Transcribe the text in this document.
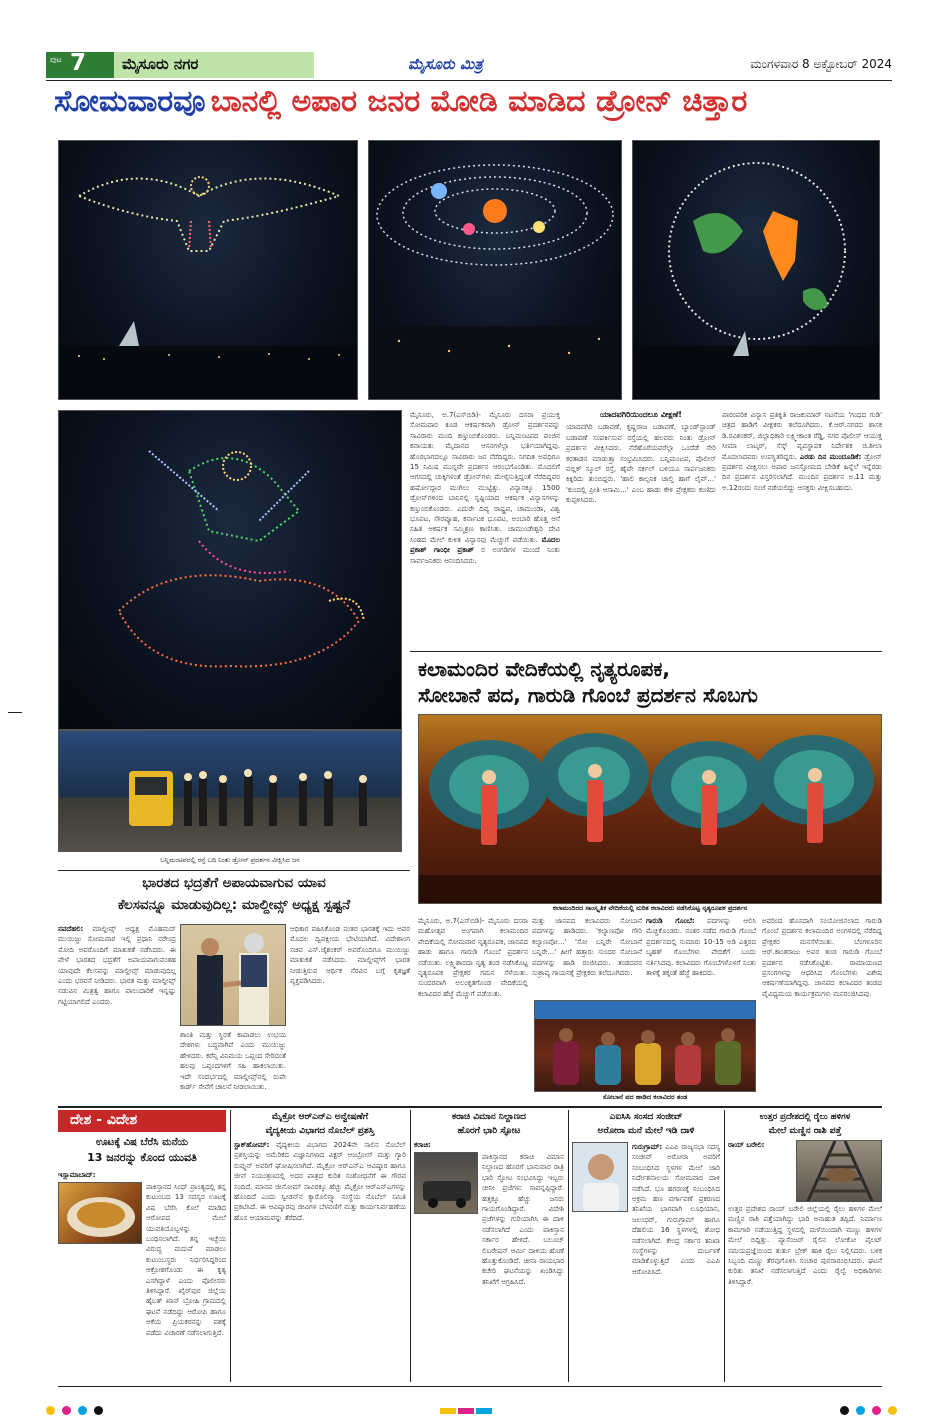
ಪುಟ 7 ಮೈಸೂರು ನಗರ	ಮೈಸೂರು ಮಿತ್ರ	ಮಂಗಳವಾರ 8 ಅಕ್ಟೋಬರ್ 2024
ಸೋಮವಾರವೂ ಬಾನಲ್ಲಿ ಅಪಾರ ಜನರ ಮೋಡಿ ಮಾಡಿದ ಡ್ರೋನ್ ಚಿತ್ತಾರ
ಬನ್ನಿಮಂಟಪದಲ್ಲಿ ರಸ್ತೆ ಬದಿ ನಿಂತು ಡ್ರೋನ್ ಪ್ರದರ್ಶನ ವೀಕ್ಷಿಸಿದ ಜನ
ಮೈಸೂರು, ಅ.7(ಎಸ್‌ಬಿಡಿ)- ಮೈಸೂರು ದಸರಾ ಪ್ರಯುಕ್ತ ಸೋಮವಾರ ಕೂಡ ಆಕರ್ಷಕವಾಗಿ ಡ್ರೋನ್ ಪ್ರದರ್ಶನವನ್ನು ಸಾವಿರಾರು ಮಂದಿ ಕಣ್ತುಂಬಿಕೊಂಡರು. ಬನ್ನಿಮಂಟಪದ ಪಂಜಿನ ಕವಾಯತು ಮೈದಾನದ ಆಸನಗಳೆಲ್ಲಾ ಭರ್ತಿಯಾಗಿದ್ದವು. ಹೊರಭಾಗದಲ್ಲೂ ಸಾವಿರಾರು ಜನ ನೆರೆದಿದ್ದರು. ನಿಗದಿತ ಅವಧಿಗೂ 15 ನಿಮಿಷ ಮುನ್ನವೇ ಪ್ರದರ್ಶನ ಆರಂಭಗೊಂಡಿತು. ಮೊದಲಿಗೆ ಆಗಸದಲ್ಲಿ ಚುಕ್ಕಿಗಳಂತೆ ಡ್ರೋನ್‌ಗಳು ಮೇಳೈಸುತ್ತಿದ್ದಂತೆ ನೆರೆದಿದ್ದವರ ಹರ್ಷೋದ್ಗಾರ ಮುಗಿಲು ಮುಟ್ಟಿತ್ತು. ವಿನ್ಯಾಸಕ್ಕೂ 1500 ಡ್ರೋನ್‌ಗಳಿಂದ ಬಾನಿನಲ್ಲಿ ಸೃಷ್ಟಿಯಾದ ಆಕರ್ಷಕ ವಿನ್ಯಾಸಗಳನ್ನು ಕಣ್ತುಂಬಿಕೊಂಡರು. ಎದುರೇ ದಿವ್ಯ ರಾಷ್ಟ್ರಪ, ಚಾಮುಂಡಾ, ವಿಶ್ವ ಭೂಪಟ, ಸೌರವ್ಯೂಹ, ಕರ್ನಾಟಕ ಭೂಪಟ, ಅಂಬಾರಿ ಹೊತ್ತ ಆನೆ ಸಹಿತ ಆಕರ್ಷಕ ಸಮ್ಮಿಶ್ರಣ ಕಾಣಿಸಿತು. ಚಾಮುಂಡೇಶ್ವರಿ ದೇವಿ ಸಿಂಹದ ಮೇಲೆ ಕುಳಿತ ವಿನ್ಯಾಸವು ಮೆಚ್ಚುಗೆ ಪಡೆಯಿತು. ಮೊದಲ ಪ್ರಕಾಶ್ ಗಾಂಧೀ ಪ್ರಕಾಶ್ ರ ಅಂಗಡಿಗಳ ಮುಂದೆ ನಿಂತು ಸಾರ್ವಜನಿಕರು ಆನಂದಿಸಿದರು.
ಯಾದವಗಿರಿಯಿಂದಲೂ ವೀಕ್ಷಣೆ!
ಯಾದವಗಿರಿ ಬಡಾವಣೆ, ಕೃಷ್ಣರಾಜ ಬಡಾವಣೆ, ಬ್ಯಾಂಡ್‌ಸ್ಟಾಂಡ್ ಬಡಾವಣೆ ಸಂಪರ್ಕಿಸುವ ರಸ್ತೆಯಲ್ಲಿ ಹಲವರು ನಿಂತು ಡ್ರೋನ್ ಪ್ರದರ್ಶನ ವೀಕ್ಷಿಸಿದರು. ನೆರೆಹೊರೆಯವರೆಲ್ಲಾ ಒಂದೆಡೆ ಸೇರಿ ಕರತಾಡನ ಮಾಡುತ್ತಾ ಸಂಭ್ರಮಿಸಿದರು. ಬನ್ನಿಮಂಟಪ, ಪೊಲೀಸ್ ಪಬ್ಲಿಕ್ ಸ್ಕೂಲ್ ರಸ್ತೆ, ಹೈವೇ ಸರ್ಕಲ್ ಬಳಿಯೂ ಸಾರ್ವಜನಿಕರು ಕಿಕ್ಕಿರಿದು ತುಂಬಿದ್ದರು. 'ಹಾಲಿ ಕಾಲ್ಪನಿಕ ಚಾಲ್ತಿ ಹಾಗೆ ಲೈವ್...' 'ಕುಂದಲ್ಲಿ ಪ್ರೀತಿ ಆಸಾಮಿ...' ಎಂಬ ಹಾಡು ಕೇಳಿ ಪ್ರೇಕ್ಷಕರು ಕುಣಿದು ಕುಪ್ಪಳಿಸಿದರು.
ಪಾರಂಪರಿಕ ವಿನ್ಯಾಸ ಪ್ರತಿಕೃತಿ ರಾಜಕುಮಾರ್ ನಟನೆಯ 'ಗಂಧದ ಗುಡಿ' ಚಿತ್ರದ ಹಾಡಿಗೆ ವೀಕ್ಷಕರು ತಲೆದೂಗಿದರು. ಕೆ.ಆರ್.ನಗರದ ಶಾಸಕ ಡಿ.ರವಿಶಂಕರ್, ಜಿಲ್ಲಾಧಿಕಾರಿ ಲಕ್ಷ್ಮೀಕಾಂತ ರೆಡ್ಡಿ, ನಗರ ಪೊಲೀಸ್ ಆಯುಕ್ತ ಸೀಮಾ ಲಾಟ್ಕರ್, ಸೆಸ್ಕ್ ವ್ಯವಸ್ಥಾಪಕ ನಿರ್ದೇಶಕ ಜಿ.ಶೀಲಾ ಮೊದಲಾದವರು ಉಪಸ್ಥಿತರಿದ್ದರು. ಎರಡು ದಿನ ಮುಂದೂಡಿಕೆ: ಡ್ರೋನ್ ಪ್ರದರ್ಶನ ವೀಕ್ಷಿಸಲು ಅಪಾರ ಜನಸ್ತೋಮದ ಬೇಡಿಕೆ ಹಿನ್ನೆಲೆ ಇನ್ನೆರಡು ದಿನ ಪ್ರದರ್ಶನ ವಿಸ್ತರಿಸಲಾಗಿದೆ. ಮುಂದಿನ ಪ್ರದರ್ಶನ ಅ.11 ಮತ್ತು ಅ.12ರಂದು ಸಂಜೆ ನಡೆಯಲಿದ್ದು ಆಸಕ್ತರು ವೀಕ್ಷಿಸಬಹುದು.
ಕಲಾಮಂದಿರ ವೇದಿಕೆಯಲ್ಲಿ ನೃತ್ಯರೂಪಕ,
ಸೋಬಾನೆ ಪದ, ಗಾರುಡಿ ಗೊಂಬೆ ಪ್ರದರ್ಶನ ಸೊಬಗು
ಕಲಾಮಂದಿರದ ಸಾಂಸ್ಕೃತಿಕ ವೇದಿಕೆಯಲ್ಲಿ ನುರಿತ ಕಲಾವಿದರು ನಡೆಸಿಕೊಟ್ಟ ನೃತ್ಯರೂಪಕ ಪ್ರದರ್ಶನ
ಭಾರತದ ಭದ್ರತೆಗೆ ಅಪಾಯವಾಗುವ ಯಾವ
ಕೆಲಸವನ್ನೂ ಮಾಡುವುದಿಲ್ಲ: ಮಾಲ್ದೀವ್ಸ್ ಅಧ್ಯಕ್ಷ ಸ್ಪಷ್ಟನೆ
ನವದೆಹಲಿ: ಮಾಲ್ದೀವ್ಸ್ ಅಧ್ಯಕ್ಷ ಮೊಹಮದ್ ಮುಯಿಜ್ಜು ಸೋಮವಾರ ಇಲ್ಲಿ ಪ್ರಧಾನಿ ನರೇಂದ್ರ ಮೋದಿ ಅವರೊಂದಿಗೆ ಮಾತುಕತೆ ನಡೆಸಿದರು. ಈ ವೇಳೆ ಭಾರತದ ಭದ್ರತೆಗೆ ಅಪಾಯವಾಗುವಂತಹ ಯಾವುದೇ ಕೆಲಸವನ್ನು ಮಾಲ್ದೀವ್ಸ್ ಮಾಡುವುದಿಲ್ಲ ಎಂದು ಭರವಸೆ ನೀಡಿದರು. ಭಾರತ ಮತ್ತು ಮಾಲ್ದೀವ್ಸ್ ನಡುವಿನ ಮಿತ್ರತ್ವ ಹಾಗೂ ಪಾಲುದಾರಿಕೆ ಇನ್ನಷ್ಟು ಗಟ್ಟಿಯಾಗಲಿದೆ ಎಂದರು.
ಶಾಂತಿ ಮತ್ತು ಸ್ಥಿರತೆ ಕಾಪಾಡಲು ಉಭಯ ದೇಶಗಳು ಬದ್ಧವಾಗಿವೆ ಎಂದು ಮುಯಿಜ್ಜು ಹೇಳಿದರು. ಕರೆನ್ಸಿ ವಿನಿಮಯ ಒಪ್ಪಂದ ಸೇರಿದಂತೆ ಹಲವು ಒಪ್ಪಂದಗಳಿಗೆ ಸಹಿ ಹಾಕಲಾಯಿತು. ಇದೇ ಸಂದರ್ಭದಲ್ಲಿ ಮಾಲ್ದೀವ್ಸ್‌ನಲ್ಲಿ ರುಪೇ ಕಾರ್ಡ್ ಸೇವೆಗೆ ಚಾಲನೆ ನೀಡಲಾಯಿತು.
ಆಧಿಕಾರ ವಹಿಸಿಕೊಂಡ ನಂತರ ಭಾರತಕ್ಕೆ ಇದು ಅವರ ಮೊದಲ ದ್ವಿಪಕ್ಷೀಯ ಭೇಟಿಯಾಗಿದೆ. ವಿದೇಶಾಂಗ ಸಚಿವ ಎಸ್.ಜೈಶಂಕರ್ ಅವರೊಂದಿಗೂ ಮುಯಿಜ್ಜು ಮಾತುಕತೆ ನಡೆಸಿದರು. ಮಾಲ್ದೀವ್ಸ್‌ಗೆ ಭಾರತ ನೀಡುತ್ತಿರುವ ಆರ್ಥಿಕ ನೆರವಿನ ಬಗ್ಗೆ ಕೃತಜ್ಞತೆ ವ್ಯಕ್ತಪಡಿಸಿದರು.
ಮೈಸೂರು, ಅ.7(ಎಸ್‌ಬಿಡಿ)- ಮೈಸೂರು ದಸರಾ ಮಹೋತ್ಸವ ಅಂಗವಾಗಿ ಕಲಾಮಂದಿರ ವೇದಿಕೆಯಲ್ಲಿ ಸೋಮವಾರ ನೃತ್ಯರೂಪಕ, ಜಾನಪದ ಹಾಡು ಹಾಗೂ ಗಾರುಡಿ ಗೊಂಬೆ ಪ್ರದರ್ಶನ ನಡೆಯಿತು. ಲಕ್ಷ್ಮಿಶಾರದಾ ನೃತ್ಯ ತಂಡ ನಡೆಸಿಕೊಟ್ಟ ನೃತ್ಯರೂಪಕ ಪ್ರೇಕ್ಷಕರ ಗಮನ ಸೆಳೆಯಿತು. ಸುಂದರವಾಗಿ ಅಲಂಕೃತಗೊಂಡ ವೇದಿಕೆಯಲ್ಲಿ ಕಲಾವಿದರ ಹೆಜ್ಜೆ ಮೆಚ್ಚುಗೆ ಪಡೆಯಿತು.
ಮತ್ತು ಜಾನಪದ ಕಲಾವಿದರು ಸೋಬಾನೆ ಪದಗಳನ್ನು ಹಾಡಿದರು. 'ಕಲ್ಯಾಣವೋ ಗೌರಿ ಕಲ್ಯಾಣವೋ...' 'ಸೋ ಬನ್ನಿರೇ ಸೋಬಾನೆ ಬನ್ನಿರೇ...' ಹೀಗೆ ಹತ್ತಾರು ಸುಂದರ ಸೋಬಾನೆ ಪದಗಳನ್ನು ಹಾಡಿ ರಂಜಿಸಿದರು. ತಂಡದವರ ಸುಶ್ರಾವ್ಯ ಗಾಯನಕ್ಕೆ ಪ್ರೇಕ್ಷಕರು ತಲೆದೂಗಿದರು.
ಗಾರುಡಿ ಗೊಂಬೆ: ಪದಗಳನ್ನು ಆಲಿಸಿ ಮೆಚ್ಚಿಕೊಂಡರು. ನಂತರ ನಡೆದ ಗಾರುಡಿ ಗೊಂಬೆ ಪ್ರದರ್ಶನದಲ್ಲಿ ಸುಮಾರು 10-15 ಅಡಿ ಎತ್ತರದ ಬೃಹತ್ ಗೊಂಬೆಗಳು ವೇದಿಕೆಗೆ ಬಂದು ನರ್ತಿಸಿದವು. ಕಲಾವಿದರು ಗೊಂಬೆಗಳೊಳಗೆ ನಿಂತು ತಾಳಕ್ಕೆ ತಕ್ಕಂತೆ ಹೆಜ್ಜೆ ಹಾಕಿದರು.
ಸೋಬಾನೆ ಪದ ಹಾಡಿದ ಕಲಾವಿದರ ತಂಡ
ಅವರಿಂದ ಹೊಸದಾಗಿ ಸಂಯೋಜಿಸಲಾದ ಗಾರುಡಿ ಗೊಂಬೆ ಪ್ರದರ್ಶನ ಕಲಾಮಂದಿರ ಅಂಗಳದಲ್ಲಿ ನೆರೆದಿದ್ದ ಪ್ರೇಕ್ಷಕರ ಮನಸೆಳೆಯಿತು. ಬೆಂಗಳೂರಿನ ಆರ್.ಕಾಂತರಾಜು ಅವರ ತಂಡ ಗಾರುಡಿ ಗೊಂಬೆ ಪ್ರದರ್ಶನ ನಡೆಸಿಕೊಟ್ಟಿತು. ರಾಮಾಯಣದ ಪ್ರಸಂಗಗಳನ್ನು ಆಧರಿಸಿದ ಗೊಂಬೆಗಳು ವಿಶೇಷ ಆಕರ್ಷಣೆಯಾಗಿದ್ದವು. ಜಾನಪದ ಕಲಾವಿದರ ತಂಡದ ವೈವಿಧ್ಯಮಯ ಕಾರ್ಯಕ್ರಮಗಳು ಮನರಂಜಿಸಿದವು.
ದೇಶ - ವಿದೇಶ
ಊಟಕ್ಕೆ ವಿಷ ಬೆರೆಸಿ ಮನೆಯ
13 ಜನರನ್ನು ಕೊಂದ ಯುವತಿ
ಇಸ್ಲಾಮಾಬಾದ್:
ಪಾಕಿಸ್ತಾನದ ಸಿಂಧ್ ಪ್ರಾಂತ್ಯದಲ್ಲಿ ತನ್ನ ಕುಟುಂಬದ 13 ಸದಸ್ಯರ ಊಟಕ್ಕೆ ವಿಷ ಬೆರೆಸಿ ಕೊಲೆ ಮಾಡಿದ ಆರೋಪದ ಮೇಲೆ ಯುವತಿಯೊಬ್ಬಳನ್ನು ಬಂಧಿಸಲಾಗಿದೆ. ತನ್ನ ಇಚ್ಛೆಯ ವಿರುದ್ಧ ಮದುವೆ ಮಾಡಲು ಕುಟುಂಬಸ್ಥರು ನಿರ್ಧರಿಸಿದ್ದರಿಂದ ಆಕ್ರೋಶಗೊಂಡು ಈ ಕೃತ್ಯ ಎಸಗಿದ್ದಾಳೆ ಎಂದು ಪೊಲೀಸರು ತಿಳಿಸಿದ್ದಾರೆ. ಖೈರ್‌ಪುರ ಜಿಲ್ಲೆಯ ಹೈಬತ್ ಖಾನ್ ಬ್ರೋಹಿ ಗ್ರಾಮದಲ್ಲಿ ಘಟನೆ ನಡೆದಿದ್ದು ಆರೋಪಿ ಹಾಗೂ ಆಕೆಯ ಪ್ರಿಯಕರನನ್ನು ವಶಕ್ಕೆ ಪಡೆದು ವಿಚಾರಣೆ ನಡೆಸಲಾಗುತ್ತಿದೆ.
ಮೈಕ್ರೋ ಆರ್‌ಎನ್‌ಎ ಅನ್ವೇಷಣೆಗೆ
ವೈದ್ಯಕೀಯ ವಿಭಾಗದ ನೊಬೆಲ್ ಪ್ರಶಸ್ತಿ
ಸ್ಟಾಕ್‌ಹೋಮ್: ವೈದ್ಯಕೀಯ ವಿಭಾಗದ 2024ನೇ ಸಾಲಿನ ನೊಬೆಲ್ ಪ್ರಶಸ್ತಿಯನ್ನು ಅಮೆರಿಕದ ವಿಜ್ಞಾನಿಗಳಾದ ವಿಕ್ಟರ್ ಆಂಬ್ರೋಸ್ ಮತ್ತು ಗ್ಯಾರಿ ರುವ್ಕುನ್ ಅವರಿಗೆ ಘೋಷಿಸಲಾಗಿದೆ. ಮೈಕ್ರೋ ಆರ್‌ಎನ್‌ಎ ಆವಿಷ್ಕಾರ ಹಾಗೂ ಜೀನ್ ನಿಯಂತ್ರಣದಲ್ಲಿ ಅದರ ಪಾತ್ರದ ಕುರಿತ ಸಂಶೋಧನೆಗೆ ಈ ಗೌರವ ಸಂದಿದೆ. ಮಾನವ ಜೀನೋಮ್ ಸಾವಿರಕ್ಕೂ ಹೆಚ್ಚು ಮೈಕ್ರೋ ಆರ್‌ಎನ್‌ಎಗಳನ್ನು ಹೊಂದಿದೆ ಎಂದು ಸ್ವೀಡನ್‌ನ ಕ್ಯಾರೊಲಿನ್ಸ್ಕಾ ಸಂಸ್ಥೆಯ ನೊಬೆಲ್ ಸಮಿತಿ ಪ್ರಕಟಿಸಿದೆ. ಈ ಆವಿಷ್ಕಾರವು ಜೀವಿಗಳ ಬೆಳವಣಿಗೆ ಮತ್ತು ಕಾರ್ಯನಿರ್ವಹಣೆಯ ಹೊಸ ಆಯಾಮವನ್ನು ತೆರೆದಿದೆ.
ಕರಾಚಿ ವಿಮಾನ ನಿಲ್ದಾಣದ
ಹೊರಗೆ ಭಾರಿ ಸ್ಫೋಟ
ಕರಾಚಿ:
ಪಾಕಿಸ್ತಾನದ ಕರಾಚಿ ವಿಮಾನ ನಿಲ್ದಾಣದ ಹೊರಗೆ ಭಾನುವಾರ ರಾತ್ರಿ ಭಾರಿ ಸ್ಫೋಟ ಸಂಭವಿಸಿದ್ದು ಇಬ್ಬರು ಚೀನೀ ಪ್ರಜೆಗಳು ಸಾವನ್ನಪ್ಪಿದ್ದಾರೆ. ಹತ್ತಕ್ಕೂ ಹೆಚ್ಚು ಜನರು ಗಾಯಗೊಂಡಿದ್ದಾರೆ. ವಿದೇಶಿ ಪ್ರಜೆಗಳನ್ನು ಗುರಿಯಾಗಿಸಿ ಈ ದಾಳಿ ನಡೆಸಲಾಗಿದೆ ಎಂದು ಪಾಕಿಸ್ತಾನ ಸರ್ಕಾರ ಹೇಳಿದೆ. ಬಲೂಚ್ ಲಿಬರೇಷನ್ ಆರ್ಮಿ ದಾಳಿಯ ಹೊಣೆ ಹೊತ್ತುಕೊಂಡಿದೆ. ಚೀನಾ ರಾಯಭಾರ ಕಚೇರಿ ಘಟನೆಯನ್ನು ಖಂಡಿಸಿದ್ದು ತನಿಖೆಗೆ ಆಗ್ರಹಿಸಿದೆ.
ಎಐಸಿಸಿ ಸಂಸದ ಸಂಜೀವ್
ಅರೋರಾ ಮನೆ ಮೇಲೆ ಇಡಿ ದಾಳಿ
ಗುರುಗ್ರಾಮ್: ಎಎಪಿ ರಾಜ್ಯಸಭಾ ಸದಸ್ಯ ಸಂಜೀವ್ ಅರೋರಾ ಅವರಿಗೆ ಸಂಬಂಧಿಸಿದ ಸ್ಥಳಗಳ ಮೇಲೆ ಜಾರಿ ನಿರ್ದೇಶನಾಲಯ ಸೋಮವಾರ ದಾಳಿ ನಡೆಸಿದೆ. ಭೂ ಹಗರಣಕ್ಕೆ ಸಂಬಂಧಿಸಿದ ಅಕ್ರಮ ಹಣ ವರ್ಗಾವಣೆ ಪ್ರಕರಣದ ತನಿಖೆಯ ಭಾಗವಾಗಿ ಲೂಧಿಯಾನ, ಜಲಂಧರ್, ಗುರುಗ್ರಾಮ್ ಹಾಗೂ ದೆಹಲಿಯ 16 ಸ್ಥಳಗಳಲ್ಲಿ ಶೋಧ ನಡೆಸಲಾಗಿದೆ. ಕೇಂದ್ರ ಸರ್ಕಾರ ತನಿಖಾ ಸಂಸ್ಥೆಗಳನ್ನು ದುರ್ಬಳಕೆ ಮಾಡಿಕೊಳ್ಳುತ್ತಿದೆ ಎಂದು ಎಎಪಿ ಆರೋಪಿಸಿದೆ.
ಉತ್ತರ ಪ್ರದೇಶದಲ್ಲಿ ರೈಲು ಹಳಿಗಳ
ಮೇಲೆ ಮಣ್ಣಿನ ರಾಶಿ ಪತ್ತೆ
ರಾಯ್ ಬರೇಲಿ:
ಉತ್ತರ ಪ್ರದೇಶದ ರಾಯ್ ಬರೇಲಿ ಜಿಲ್ಲೆಯಲ್ಲಿ ರೈಲು ಹಳಿಗಳ ಮೇಲೆ ಮಣ್ಣಿನ ರಾಶಿ ಪತ್ತೆಯಾಗಿದ್ದು ಭಾರಿ ಅನಾಹುತ ತಪ್ಪಿದೆ. ನಿರ್ಮಾಣ ಕಾಮಗಾರಿ ನಡೆಯುತ್ತಿದ್ದ ಸ್ಥಳದಲ್ಲಿ ಮಳೆಯಿಂದಾಗಿ ಮಣ್ಣು ಹಳಿಗಳ ಮೇಲೆ ಬಿದ್ದಿತ್ತು. ಪ್ಯಾಸೆಂಜರ್ ರೈಲಿನ ಲೋಕೋ ಪೈಲಟ್ ಸಮಯಪ್ರಜ್ಞೆಯಿಂದ ತುರ್ತು ಬ್ರೇಕ್ ಹಾಕಿ ರೈಲು ನಿಲ್ಲಿಸಿದರು. ಬಳಿಕ ಸಿಬ್ಬಂದಿ ಮಣ್ಣು ತೆರವುಗೊಳಿಸಿ ಸಂಚಾರ ಪುನರಾರಂಭಿಸಿದರು. ಘಟನೆ ಕುರಿತು ತನಿಖೆ ನಡೆಸಲಾಗುತ್ತಿದೆ ಎಂದು ರೈಲ್ವೆ ಅಧಿಕಾರಿಗಳು ತಿಳಿಸಿದ್ದಾರೆ.
